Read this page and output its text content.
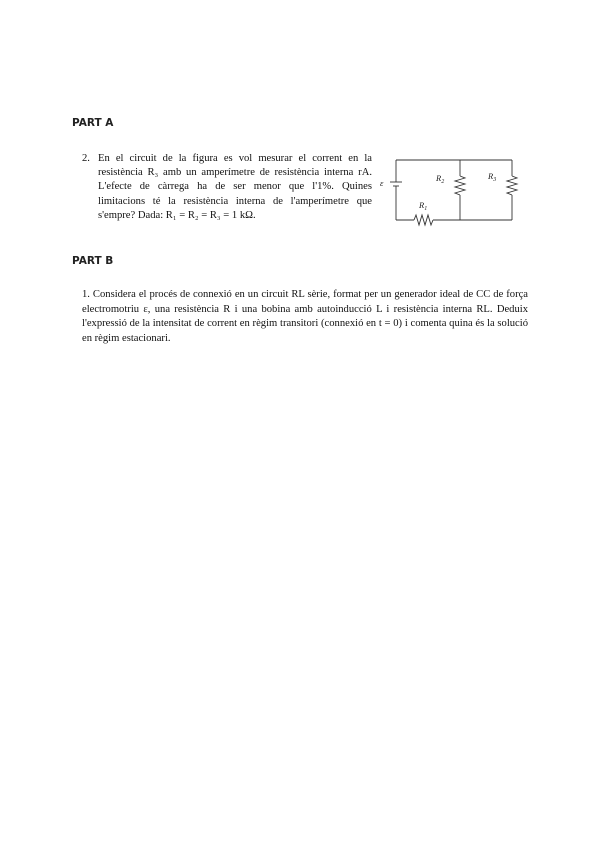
PART A
2. En el circuit de la figura es vol mesurar el corrent en la resistència R₃ amb un amperímetre de resistència interna rA. L'efecte de càrrega ha de ser menor que l'1%. Quines limitacions té la resistència interna de l'amperímetre que s'empre? Dada: R₁ = R₂ = R₃ = 1 kΩ.
ε	$R_2$
$R_3$
$R_1$
PART B
1. Considera el procés de connexió en un circuit RL sèrie, format per un generador ideal de CC de força electromotriu ε, una resistència R i una bobina amb autoinducció L i resistència interna RL. Deduix l'expressió de la intensitat de corrent en règim transitori (connexió en t = 0) i comenta quina és la solució en règim estacionari.
